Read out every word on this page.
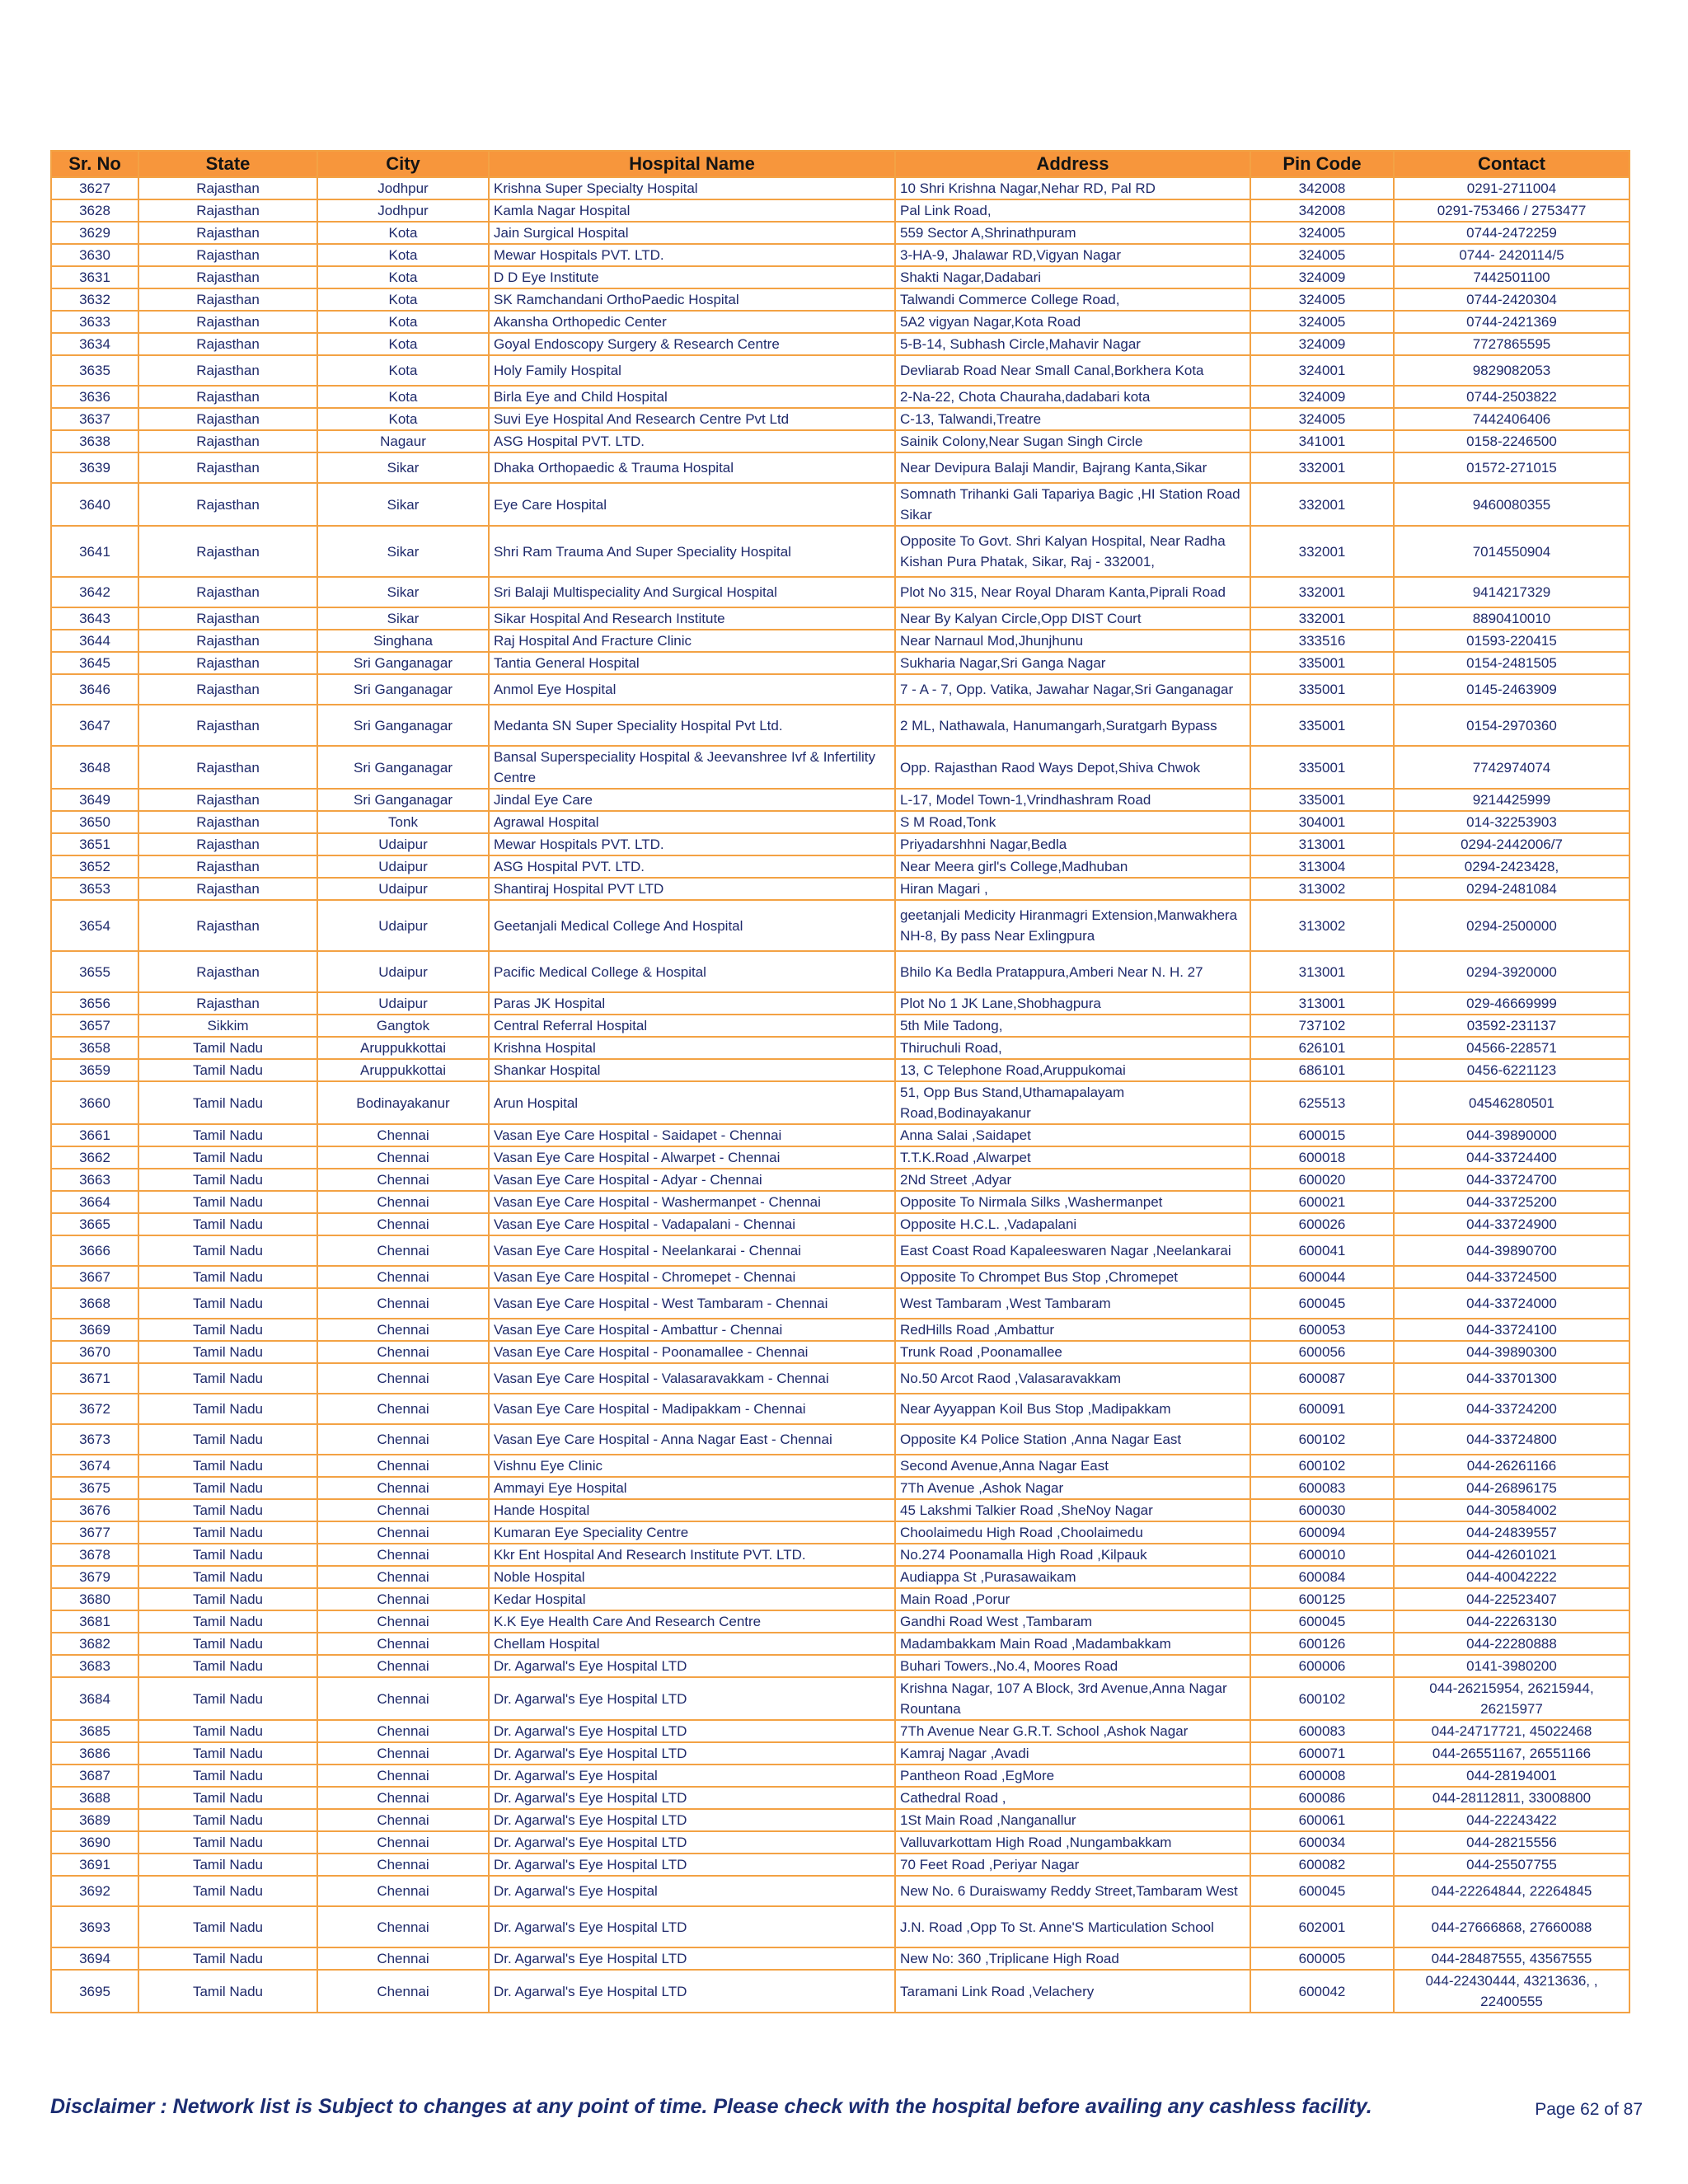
Sr. No	State	City	Hospital Name	Address	Pin Code	Contact
3627	Rajasthan	Jodhpur	Krishna Super Specialty Hospital	10 Shri Krishna Nagar,Nehar RD, Pal RD	342008	0291-2711004
3628	Rajasthan	Jodhpur	Kamla Nagar Hospital	Pal Link Road,	342008	0291-753466 / 2753477
3629	Rajasthan	Kota	Jain Surgical Hospital	559 Sector A,Shrinathpuram	324005	0744-2472259
3630	Rajasthan	Kota	Mewar Hospitals PVT. LTD.	3-HA-9, Jhalawar RD,Vigyan Nagar	324005	0744- 2420114/5
3631	Rajasthan	Kota	D D Eye Institute	Shakti Nagar,Dadabari	324009	7442501100
3632	Rajasthan	Kota	SK Ramchandani OrthoPaedic Hospital	Talwandi Commerce College Road,	324005	0744-2420304
3633	Rajasthan	Kota	Akansha Orthopedic Center	5A2 vigyan Nagar,Kota Road	324005	0744-2421369
3634	Rajasthan	Kota	Goyal Endoscopy Surgery & Research Centre	5-B-14, Subhash Circle,Mahavir Nagar	324009	7727865595
3635	Rajasthan	Kota	Holy Family Hospital	Devliarab Road Near Small Canal,Borkhera Kota	324001	9829082053
3636	Rajasthan	Kota	Birla Eye and Child Hospital	2-Na-22, Chota Chauraha,dadabari kota	324009	0744-2503822
3637	Rajasthan	Kota	Suvi Eye Hospital And Research Centre Pvt Ltd	C-13, Talwandi,Treatre	324005	7442406406
3638	Rajasthan	Nagaur	ASG Hospital PVT. LTD.	Sainik Colony,Near Sugan Singh Circle	341001	0158-2246500
3639	Rajasthan	Sikar	Dhaka Orthopaedic & Trauma Hospital	Near Devipura Balaji Mandir, Bajrang Kanta,Sikar	332001	01572-271015
3640	Rajasthan	Sikar	Eye Care Hospital	Somnath Trihanki Gali Tapariya Bagic ,HI Station Road Sikar	332001	9460080355
3641	Rajasthan	Sikar	Shri Ram Trauma And Super Speciality Hospital	Opposite To Govt. Shri Kalyan Hospital, Near Radha Kishan Pura Phatak, Sikar, Raj - 332001,	332001	7014550904
3642	Rajasthan	Sikar	Sri Balaji Multispeciality And Surgical Hospital	Plot No 315, Near Royal Dharam Kanta,Piprali Road	332001	9414217329
3643	Rajasthan	Sikar	Sikar Hospital And Research Institute	Near By Kalyan Circle,Opp DIST Court	332001	8890410010
3644	Rajasthan	Singhana	Raj Hospital And Fracture Clinic	Near Narnaul Mod,Jhunjhunu	333516	01593-220415
3645	Rajasthan	Sri Ganganagar	Tantia General Hospital	Sukharia Nagar,Sri Ganga Nagar	335001	0154-2481505
3646	Rajasthan	Sri Ganganagar	Anmol Eye Hospital	7 - A - 7, Opp. Vatika, Jawahar Nagar,Sri Ganganagar	335001	0145-2463909
3647	Rajasthan	Sri Ganganagar	Medanta SN Super Speciality Hospital Pvt Ltd.	2 ML, Nathawala, Hanumangarh,Suratgarh Bypass	335001	0154-2970360
3648	Rajasthan	Sri Ganganagar	Bansal Superspeciality Hospital & Jeevanshree Ivf & Infertility Centre	Opp. Rajasthan Raod Ways Depot,Shiva Chwok	335001	7742974074
3649	Rajasthan	Sri Ganganagar	Jindal Eye Care	L-17, Model Town-1,Vrindhashram Road	335001	9214425999
3650	Rajasthan	Tonk	Agrawal Hospital	S M Road,Tonk	304001	014-32253903
3651	Rajasthan	Udaipur	Mewar Hospitals PVT. LTD.	Priyadarshhni Nagar,Bedla	313001	0294-2442006/7
3652	Rajasthan	Udaipur	ASG Hospital PVT. LTD.	Near Meera girl's College,Madhuban	313004	0294-2423428,
3653	Rajasthan	Udaipur	Shantiraj Hospital PVT LTD	Hiran Magari ,	313002	0294-2481084
3654	Rajasthan	Udaipur	Geetanjali Medical College And Hospital	geetanjali Medicity Hiranmagri Extension,Manwakhera NH-8, By pass Near Exlingpura	313002	0294-2500000
3655	Rajasthan	Udaipur	Pacific Medical College & Hospital	Bhilo Ka Bedla Pratappura,Amberi Near N. H. 27	313001	0294-3920000
3656	Rajasthan	Udaipur	Paras JK Hospital	Plot No 1 JK Lane,Shobhagpura	313001	029-46669999
3657	Sikkim	Gangtok	Central Referral Hospital	5th Mile Tadong,	737102	03592-231137
3658	Tamil Nadu	Aruppukkottai	Krishna Hospital	Thiruchuli Road,	626101	04566-228571
3659	Tamil Nadu	Aruppukkottai	Shankar Hospital	13, C Telephone Road,Aruppukomai	686101	0456-6221123
3660	Tamil Nadu	Bodinayakanur	Arun Hospital	51, Opp Bus Stand,Uthamapalayam Road,Bodinayakanur	625513	04546280501
3661	Tamil Nadu	Chennai	Vasan Eye Care Hospital - Saidapet - Chennai	Anna Salai ,Saidapet	600015	044-39890000
3662	Tamil Nadu	Chennai	Vasan Eye Care Hospital - Alwarpet - Chennai	T.T.K.Road ,Alwarpet	600018	044-33724400
3663	Tamil Nadu	Chennai	Vasan Eye Care Hospital - Adyar - Chennai	2Nd Street ,Adyar	600020	044-33724700
3664	Tamil Nadu	Chennai	Vasan Eye Care Hospital - Washermanpet - Chennai	Opposite To Nirmala Silks ,Washermanpet	600021	044-33725200
3665	Tamil Nadu	Chennai	Vasan Eye Care Hospital - Vadapalani - Chennai	Opposite H.C.L. ,Vadapalani	600026	044-33724900
3666	Tamil Nadu	Chennai	Vasan Eye Care Hospital - Neelankarai - Chennai	East Coast Road Kapaleeswaren Nagar ,Neelankarai	600041	044-39890700
3667	Tamil Nadu	Chennai	Vasan Eye Care Hospital - Chromepet - Chennai	Opposite To Chrompet Bus Stop ,Chromepet	600044	044-33724500
3668	Tamil Nadu	Chennai	Vasan Eye Care Hospital - West Tambaram - Chennai	West Tambaram ,West Tambaram	600045	044-33724000
3669	Tamil Nadu	Chennai	Vasan Eye Care Hospital - Ambattur - Chennai	RedHills Road ,Ambattur	600053	044-33724100
3670	Tamil Nadu	Chennai	Vasan Eye Care Hospital - Poonamallee - Chennai	Trunk Road ,Poonamallee	600056	044-39890300
3671	Tamil Nadu	Chennai	Vasan Eye Care Hospital - Valasaravakkam - Chennai	No.50 Arcot Raod ,Valasaravakkam	600087	044-33701300
3672	Tamil Nadu	Chennai	Vasan Eye Care Hospital - Madipakkam - Chennai	Near Ayyappan Koil Bus Stop ,Madipakkam	600091	044-33724200
3673	Tamil Nadu	Chennai	Vasan Eye Care Hospital - Anna Nagar East - Chennai	Opposite K4 Police Station ,Anna Nagar East	600102	044-33724800
3674	Tamil Nadu	Chennai	Vishnu Eye Clinic	Second Avenue,Anna Nagar East	600102	044-26261166
3675	Tamil Nadu	Chennai	Ammayi Eye Hospital	7Th Avenue ,Ashok Nagar	600083	044-26896175
3676	Tamil Nadu	Chennai	Hande Hospital	45 Lakshmi Talkier Road ,SheNoy Nagar	600030	044-30584002
3677	Tamil Nadu	Chennai	Kumaran Eye Speciality Centre	Choolaimedu High Road ,Choolaimedu	600094	044-24839557
3678	Tamil Nadu	Chennai	Kkr Ent Hospital And Research Institute PVT. LTD.	No.274 Poonamalla High Road ,Kilpauk	600010	044-42601021
3679	Tamil Nadu	Chennai	Noble Hospital	Audiappa St ,Purasawaikam	600084	044-40042222
3680	Tamil Nadu	Chennai	Kedar Hospital	Main Road ,Porur	600125	044-22523407
3681	Tamil Nadu	Chennai	K.K Eye Health Care And Research Centre	Gandhi Road West ,Tambaram	600045	044-22263130
3682	Tamil Nadu	Chennai	Chellam Hospital	Madambakkam Main Road ,Madambakkam	600126	044-22280888
3683	Tamil Nadu	Chennai	Dr. Agarwal's Eye Hospital LTD	Buhari Towers.,No.4, Moores Road	600006	0141-3980200
3684	Tamil Nadu	Chennai	Dr. Agarwal's Eye Hospital LTD	Krishna Nagar, 107 A Block, 3rd Avenue,Anna Nagar Rountana	600102	044-26215954, 26215944, 26215977
3685	Tamil Nadu	Chennai	Dr. Agarwal's Eye Hospital LTD	7Th Avenue Near G.R.T. School ,Ashok Nagar	600083	044-24717721, 45022468
3686	Tamil Nadu	Chennai	Dr. Agarwal's Eye Hospital LTD	Kamraj Nagar ,Avadi	600071	044-26551167, 26551166
3687	Tamil Nadu	Chennai	Dr. Agarwal's Eye Hospital	Pantheon Road ,EgMore	600008	044-28194001
3688	Tamil Nadu	Chennai	Dr. Agarwal's Eye Hospital LTD	Cathedral Road ,	600086	044-28112811, 33008800
3689	Tamil Nadu	Chennai	Dr. Agarwal's Eye Hospital LTD	1St Main Road ,Nanganallur	600061	044-22243422
3690	Tamil Nadu	Chennai	Dr. Agarwal's Eye Hospital LTD	Valluvarkottam High Road ,Nungambakkam	600034	044-28215556
3691	Tamil Nadu	Chennai	Dr. Agarwal's Eye Hospital LTD	70 Feet Road ,Periyar Nagar	600082	044-25507755
3692	Tamil Nadu	Chennai	Dr. Agarwal's Eye Hospital	New No. 6 Duraiswamy Reddy Street,Tambaram West	600045	044-22264844, 22264845
3693	Tamil Nadu	Chennai	Dr. Agarwal's Eye Hospital LTD	J.N. Road ,Opp To St. Anne'S Marticulation School	602001	044-27666868, 27660088
3694	Tamil Nadu	Chennai	Dr. Agarwal's Eye Hospital LTD	New No: 360 ,Triplicane High Road	600005	044-28487555, 43567555
3695	Tamil Nadu	Chennai	Dr. Agarwal's Eye Hospital LTD	Taramani Link Road ,Velachery	600042	044-22430444, 43213636, , 22400555
Disclaimer : Network list is Subject to changes at any point of time. Please check with the hospital before availing any cashless facility.	Page 62 of 87
